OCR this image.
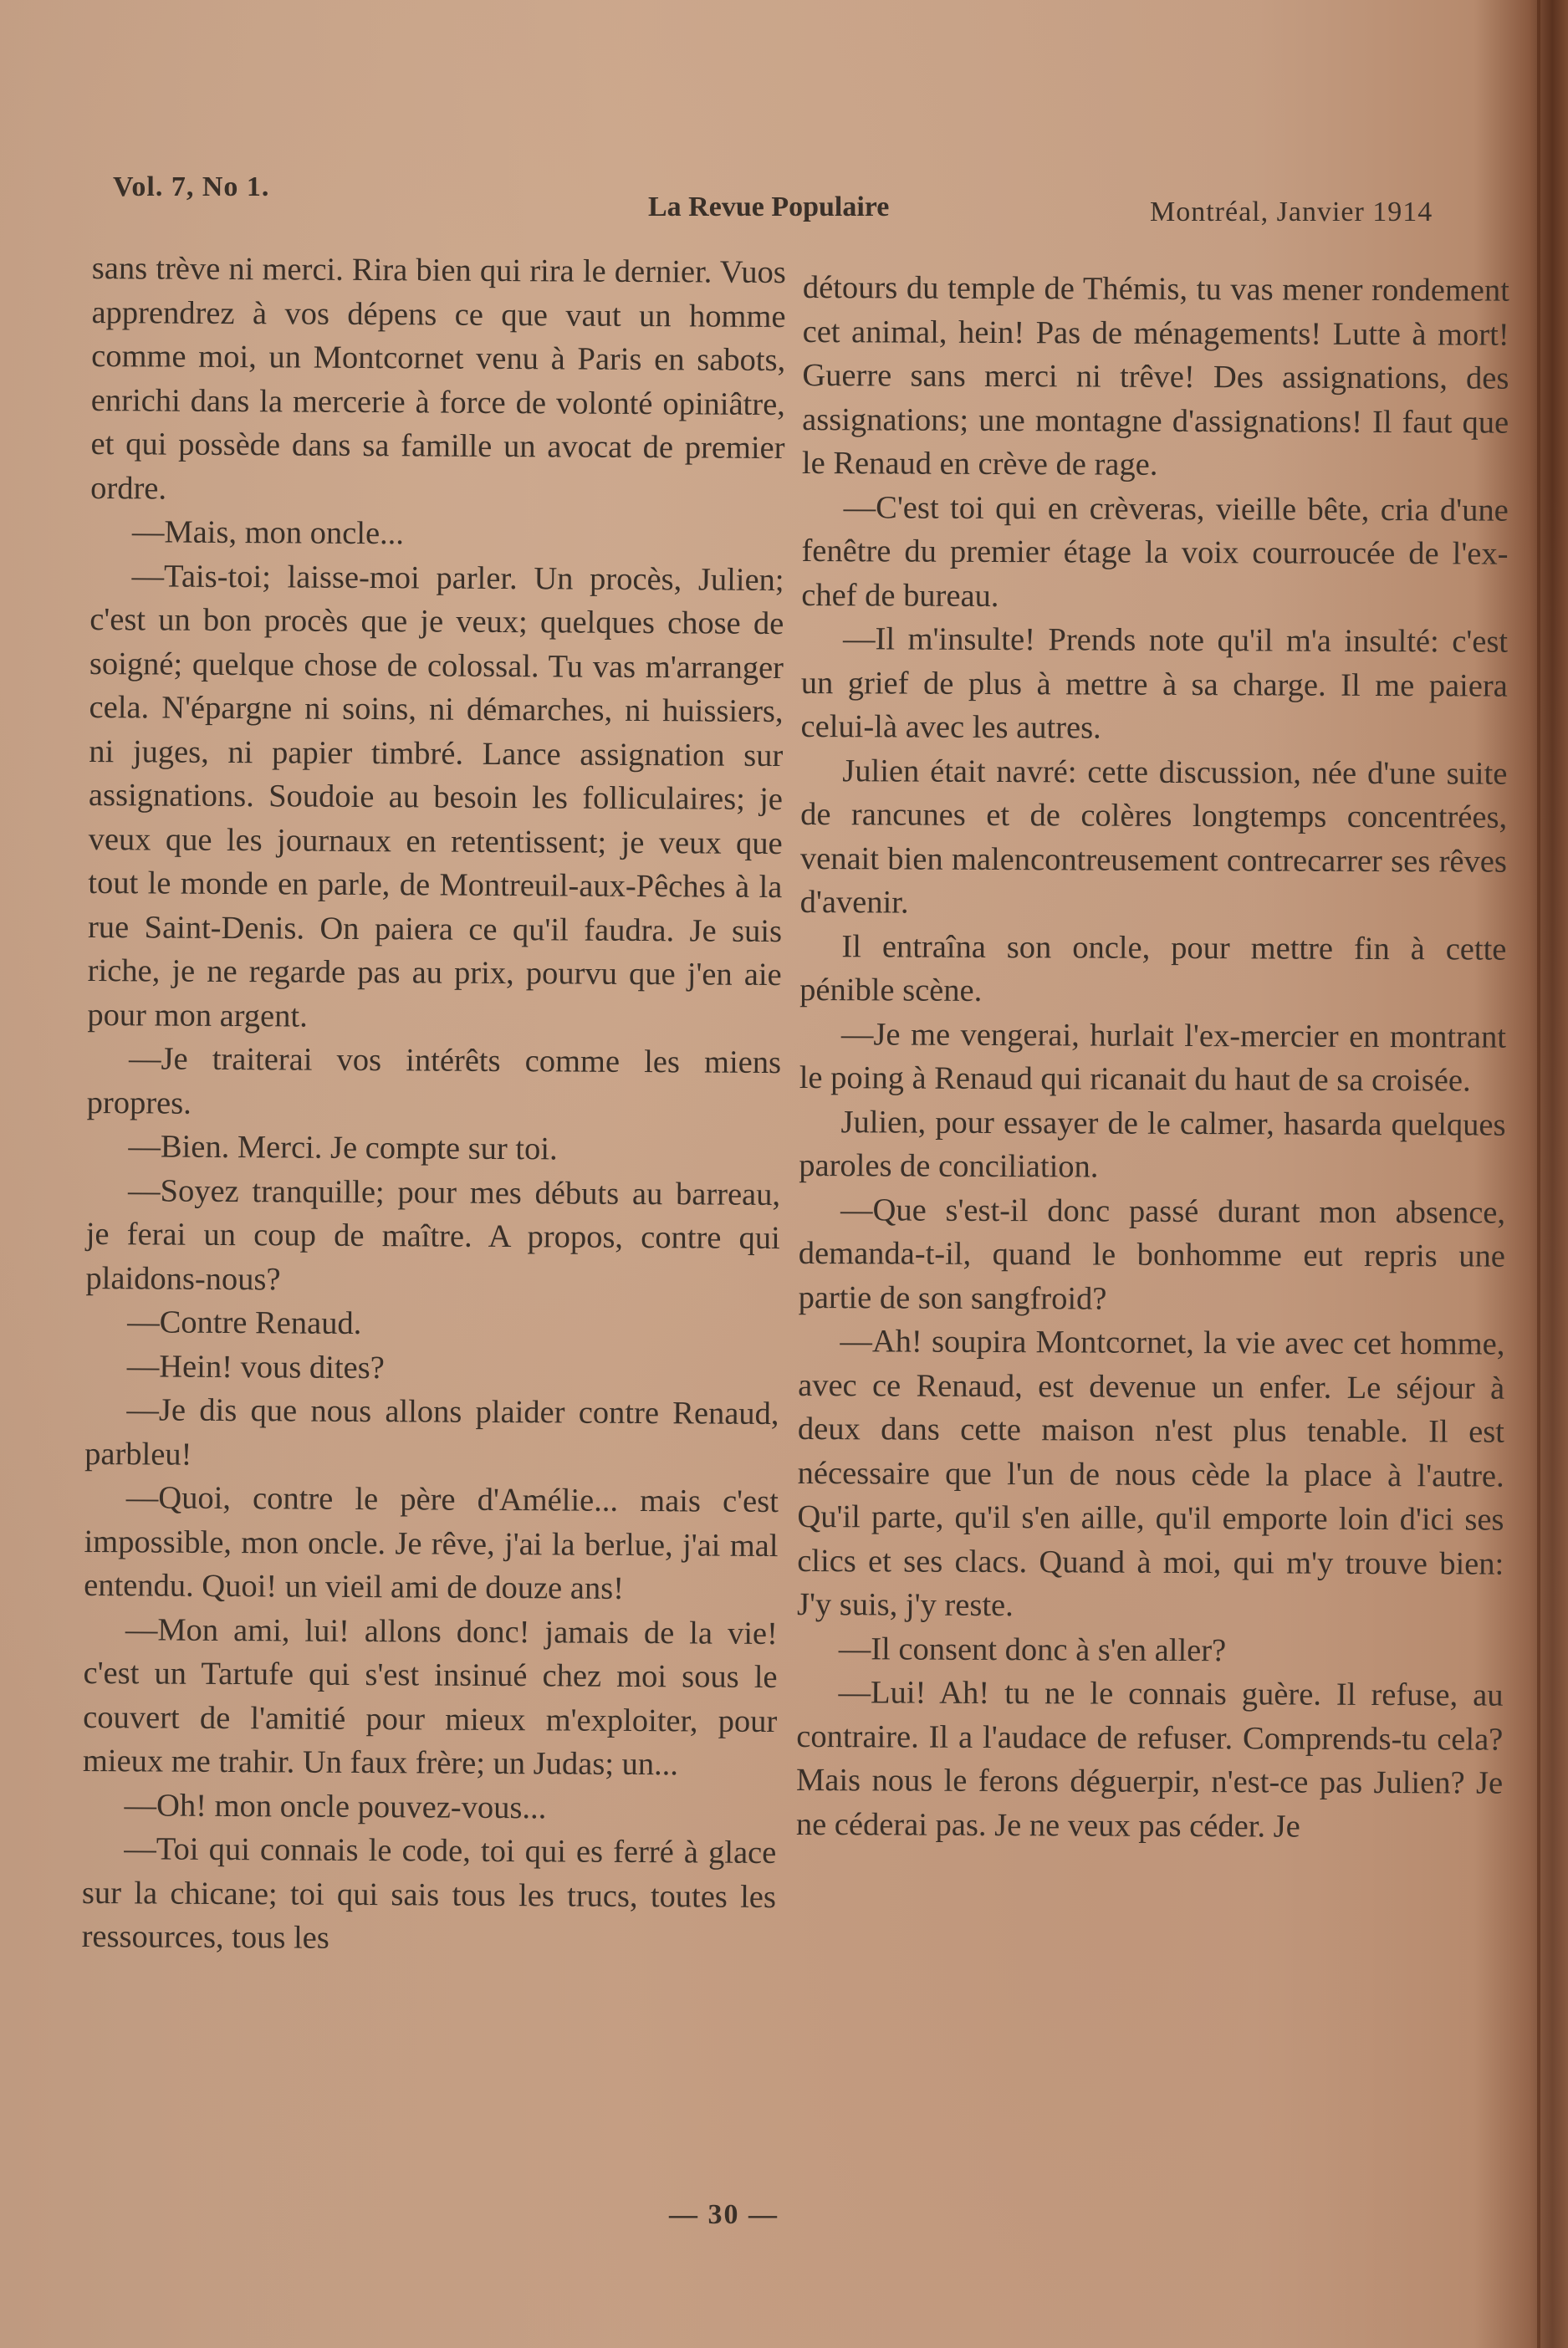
Vol. 7, No 1.
La Revue Populaire	Montréal, Janvier 1914

sans trève ni merci. Rira bien qui rira le dernier. Vuos apprendrez à vos dépens ce que vaut un homme comme moi, un Montcornet venu à Paris en sabots, enrichi dans la mercerie à force de volonté opiniâtre, et qui possède dans sa famille un avocat de premier ordre.

—Mais, mon oncle...

—Tais-toi; laisse-moi parler. Un procès, Julien; c'est un bon procès que je veux; quelques chose de soigné; quelque chose de colossal. Tu vas m'arranger cela. N'épargne ni soins, ni démarches, ni huissiers, ni juges, ni papier timbré. Lance assignation sur assignations. Soudoie au besoin les folliculaires; je veux que les journaux en retentissent; je veux que tout le monde en parle, de Montreuil-aux-Pêches à la rue Saint-Denis. On paiera ce qu'il faudra. Je suis riche, je ne regarde pas au prix, pourvu que j'en aie pour mon argent.

—Je traiterai vos intérêts comme les miens propres.

—Bien. Merci. Je compte sur toi.

—Soyez tranquille; pour mes débuts au barreau, je ferai un coup de maître. A propos, contre qui plaidons-nous?

—Contre Renaud.

—Hein! vous dites?

—Je dis que nous allons plaider contre Renaud, parbleu!

—Quoi, contre le père d'Amélie... mais c'est impossible, mon oncle. Je rêve, j'ai la berlue, j'ai mal entendu. Quoi! un vieil ami de douze ans!

—Mon ami, lui! allons donc! jamais de la vie! c'est un Tartufe qui s'est insinué chez moi sous le couvert de l'amitié pour mieux m'exploiter, pour mieux me trahir. Un faux frère; un Judas; un...

—Oh! mon oncle pouvez-vous...

—Toi qui connais le code, toi qui es ferré à glace sur la chicane; toi qui sais tous les trucs, toutes les ressources, tous les

détours du temple de Thémis, tu vas mener rondement cet animal, hein! Pas de ménagements! Lutte à mort! Guerre sans merci ni trêve! Des assignations, des assignations; une montagne d'assignations! Il faut que le Renaud en crève de rage.

—C'est toi qui en crèveras, vieille bête, cria d'une fenêtre du premier étage la voix courroucée de l'ex-chef de bureau.

—Il m'insulte! Prends note qu'il m'a insulté: c'est un grief de plus à mettre à sa charge. Il me paiera celui-là avec les autres.

Julien était navré: cette discussion, née d'une suite de rancunes et de colères longtemps concentrées, venait bien malencontreusement contrecarrer ses rêves d'avenir.

Il entraîna son oncle, pour mettre fin à cette pénible scène.

—Je me vengerai, hurlait l'ex-mercier en montrant le poing à Renaud qui ricanait du haut de sa croisée.

Julien, pour essayer de le calmer, hasarda quelques paroles de conciliation.

—Que s'est-il donc passé durant mon absence, demanda-t-il, quand le bonhomme eut repris une partie de son sangfroid?

—Ah! soupira Montcornet, la vie avec cet homme, avec ce Renaud, est devenue un enfer. Le séjour à deux dans cette maison n'est plus tenable. Il est nécessaire que l'un de nous cède la place à l'autre. Qu'il parte, qu'il s'en aille, qu'il emporte loin d'ici ses clics et ses clacs. Quand à moi, qui m'y trouve bien: J'y suis, j'y reste.

—Il consent donc à s'en aller?

—Lui! Ah! tu ne le connais guère. Il refuse, au contraire. Il a l'audace de refuser. Comprends-tu cela? Mais nous le ferons déguerpir, n'est-ce pas Julien? Je ne céderai pas. Je ne veux pas céder. Je

— 30 —
